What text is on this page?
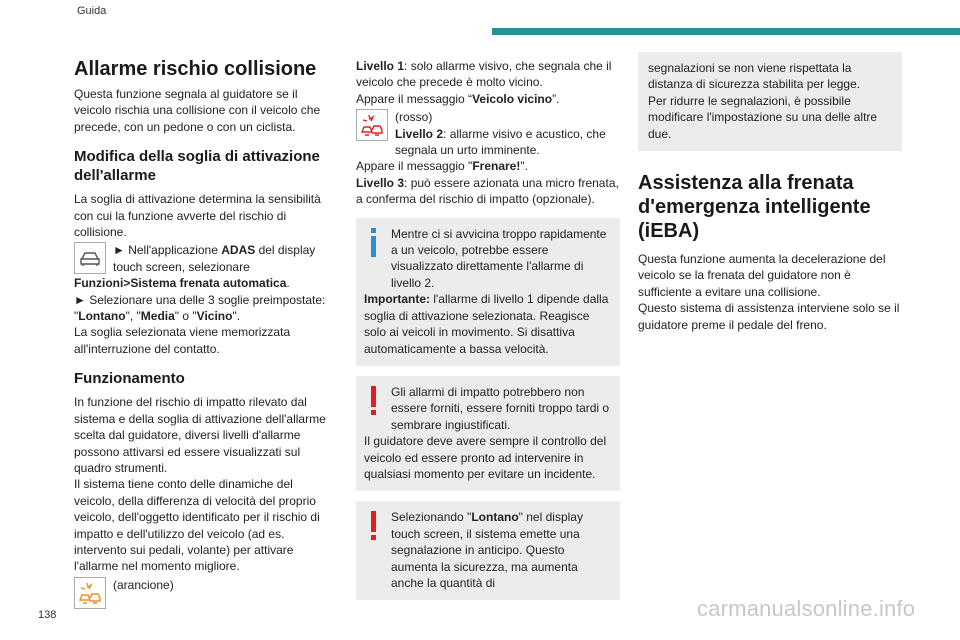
Guida
Allarme rischio collisione

Questa funzione segnala al guidatore se il veicolo rischia una collisione con il veicolo che precede, con un pedone o con un ciclista.

Modifica della soglia di attivazione dell'allarme

La soglia di attivazione determina la sensibilità con cui la funzione avverte del rischio di collisione.

► Nell'applicazione ADAS del display touch screen, selezionare

Funzioni>Sistema frenata automatica.

► Selezionare una delle 3 soglie preimpostate: "Lontano", "Media" o "Vicino".

La soglia selezionata viene memorizzata all'interruzione del contatto.

Funzionamento

In funzione del rischio di impatto rilevato dal sistema e della soglia di attivazione dell'allarme scelta dal guidatore, diversi livelli d'allarme possono attivarsi ed essere visualizzati sul quadro strumenti.

Il sistema tiene conto delle dinamiche del veicolo, della differenza di velocità del proprio veicolo, dell'oggetto identificato per il rischio di impatto e dell'utilizzo del veicolo (ad es. intervento sui pedali, volante) per attivare l'allarme nel momento migliore.

(arancione)

Livello 1: solo allarme visivo, che segnala che il veicolo che precede è molto vicino.

Appare il messaggio “Veicolo vicino”.

(rosso)

Livello 2: allarme visivo e acustico, che segnala un urto imminente.

Appare il messaggio "Frenare!".

Livello 3: può essere azionata una micro frenata, a conferma del rischio di impatto (opzionale).

Mentre ci si avvicina troppo rapidamente a un veicolo, potrebbe essere visualizzato direttamente l'allarme di livello 2.

Importante: l'allarme di livello 1 dipende dalla soglia di attivazione selezionata. Reagisce solo ai veicoli in movimento. Si disattiva automaticamente a bassa velocità.

Gli allarmi di impatto potrebbero non essere forniti, essere forniti troppo tardi o sembrare ingiustificati.

Il guidatore deve avere sempre il controllo del veicolo ed essere pronto ad intervenire in qualsiasi momento per evitare un incidente.

Selezionando "Lontano" nel display touch screen, il sistema emette una segnalazione in anticipo. Questo aumenta la sicurezza, ma aumenta anche la quantità di

segnalazioni se non viene rispettata la distanza di sicurezza stabilita per legge.

Per ridurre le segnalazioni, è possibile modificare l'impostazione su una delle altre due.

Assistenza alla frenata d'emergenza intelligente (iEBA)

Questa funzione aumenta la decelerazione del veicolo se la frenata del guidatore non è sufficiente a evitare una collisione.

Questo sistema di assistenza interviene solo se il guidatore preme il pedale del freno.

138	carmanualsonline.info
